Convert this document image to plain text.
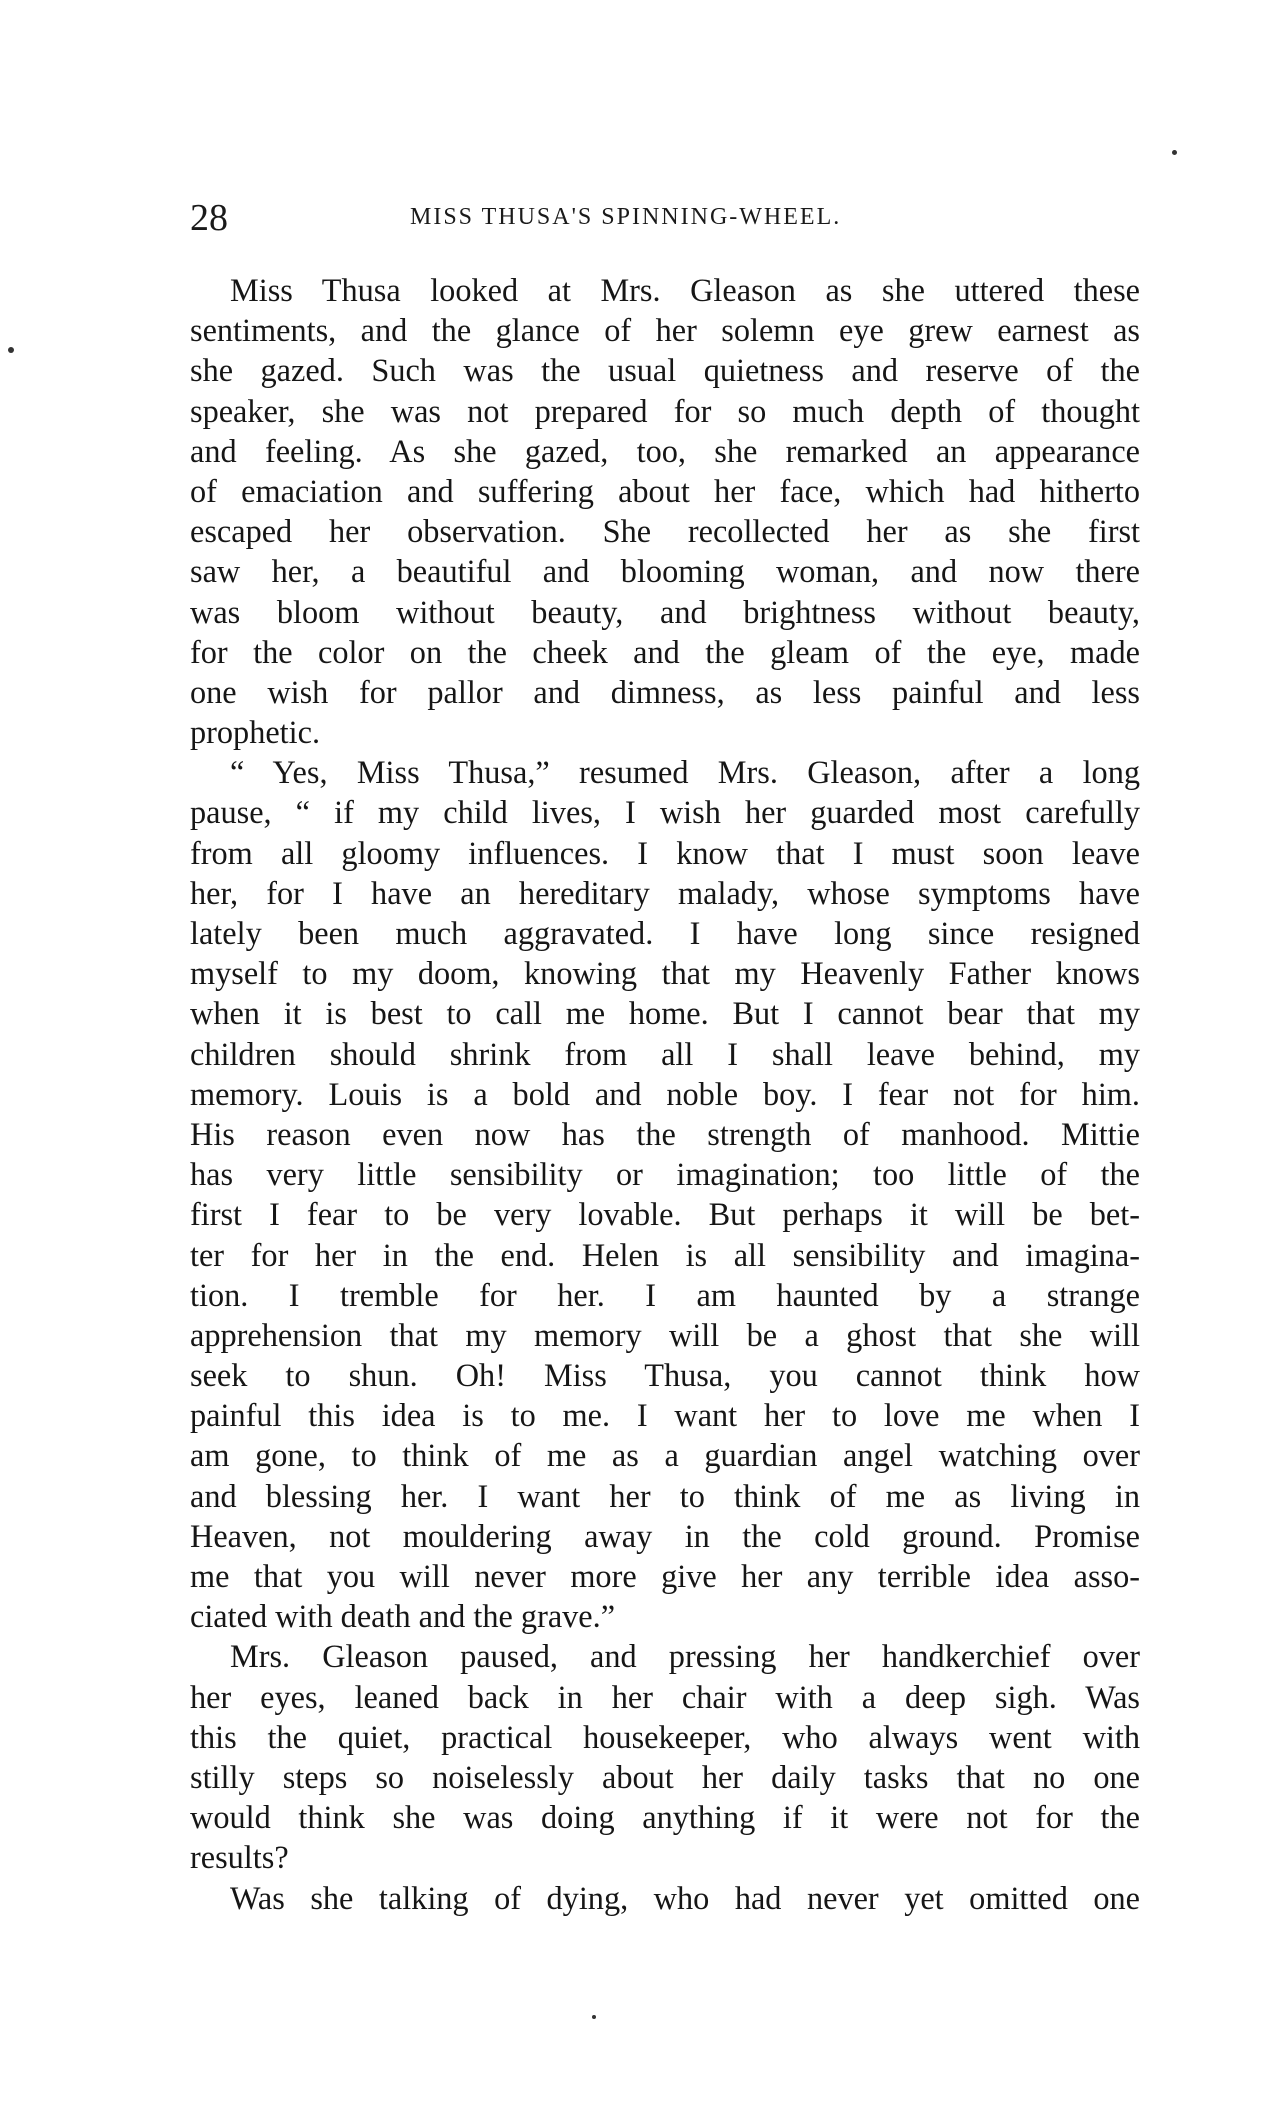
28	MISS THUSA'S SPINNING-WHEEL.
Miss Thusa looked at Mrs. Gleason as she uttered these
sentiments, and the glance of her solemn eye grew earnest as
she gazed. Such was the usual quietness and reserve of the
speaker, she was not prepared for so much depth of thought
and feeling. As she gazed, too, she remarked an appearance
of emaciation and suffering about her face, which had hitherto
escaped her observation. She recollected her as she first
saw her, a beautiful and blooming woman, and now there
was bloom without beauty, and brightness without beauty,
for the color on the cheek and the gleam of the eye, made
one wish for pallor and dimness, as less painful and less
prophetic.
“ Yes, Miss Thusa,” resumed Mrs. Gleason, after a long
pause, “ if my child lives, I wish her guarded most carefully
from all gloomy influences. I know that I must soon leave
her, for I have an hereditary malady, whose symptoms have
lately been much aggravated. I have long since resigned
myself to my doom, knowing that my Heavenly Father knows
when it is best to call me home. But I cannot bear that my
children should shrink from all I shall leave behind, my
memory. Louis is a bold and noble boy. I fear not for him.
His reason even now has the strength of manhood. Mittie
has very little sensibility or imagination; too little of the
first I fear to be very lovable. But perhaps it will be bet-
ter for her in the end. Helen is all sensibility and imagina-
tion. I tremble for her. I am haunted by a strange
apprehension that my memory will be a ghost that she will
seek to shun. Oh! Miss Thusa, you cannot think how
painful this idea is to me. I want her to love me when I
am gone, to think of me as a guardian angel watching over
and blessing her. I want her to think of me as living in
Heaven, not mouldering away in the cold ground. Promise
me that you will never more give her any terrible idea asso-
ciated with death and the grave.”
Mrs. Gleason paused, and pressing her handkerchief over
her eyes, leaned back in her chair with a deep sigh. Was
this the quiet, practical housekeeper, who always went with
stilly steps so noiselessly about her daily tasks that no one
would think she was doing anything if it were not for the
results?
Was she talking of dying, who had never yet omitted one
